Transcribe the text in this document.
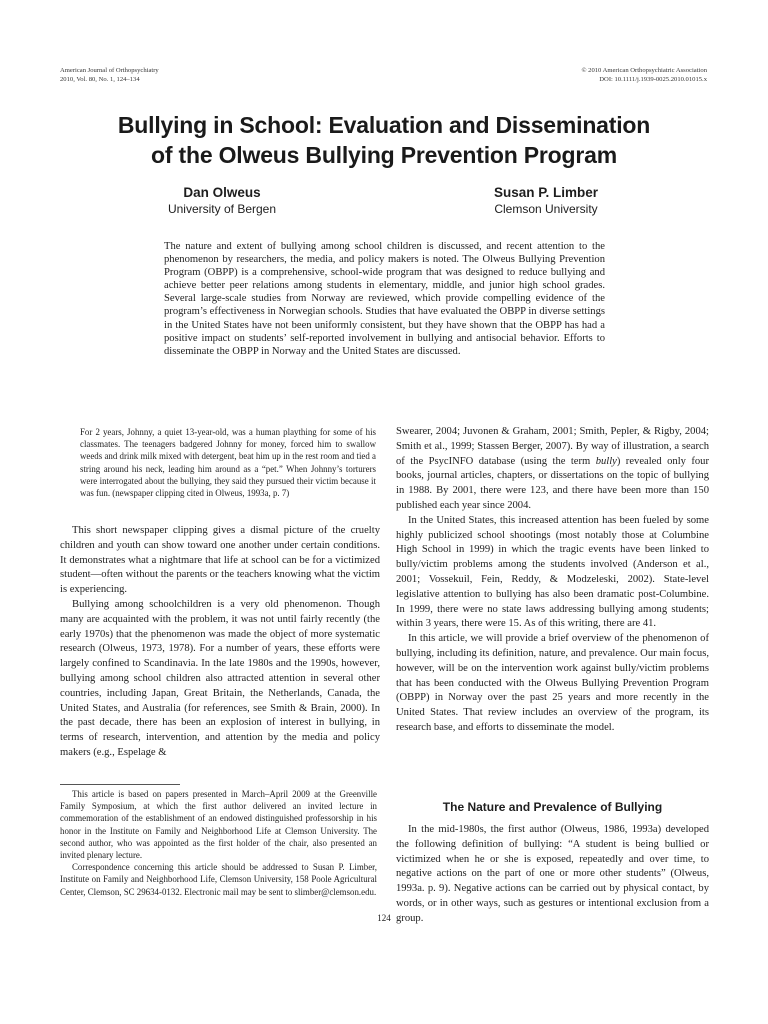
American Journal of Orthopsychiatry
2010, Vol. 80, No. 1, 124–134
© 2010 American Orthopsychiatric Association
DOI: 10.1111/j.1939-0025.2010.01015.x
Bullying in School: Evaluation and Dissemination
of the Olweus Bullying Prevention Program
Dan Olweus
University of Bergen
Susan P. Limber
Clemson University
The nature and extent of bullying among school children is discussed, and recent attention to the phenomenon by researchers, the media, and policy makers is noted. The Olweus Bullying Prevention Program (OBPP) is a comprehensive, school-wide program that was designed to reduce bullying and achieve better peer relations among students in elementary, middle, and junior high school grades. Several large-scale studies from Norway are reviewed, which provide compelling evidence of the program’s effectiveness in Norwegian schools. Studies that have evaluated the OBPP in diverse settings in the United States have not been uniformly consistent, but they have shown that the OBPP has had a positive impact on students’ self-reported involvement in bullying and antisocial behavior. Efforts to disseminate the OBPP in Norway and the United States are discussed.

For 2 years, Johnny, a quiet 13-year-old, was a human plaything for some of his classmates. The teenagers badgered Johnny for money, forced him to swallow weeds and drink milk mixed with detergent, beat him up in the rest room and tied a string around his neck, leading him around as a “pet.” When Johnny’s torturers were interrogated about the bullying, they said they pursued their victim because it was fun. (newspaper clipping cited in Olweus, 1993a, p. 7)

This short newspaper clipping gives a dismal picture of the cruelty children and youth can show toward one another under certain conditions. It demonstrates what a nightmare that life at school can be for a victimized student—often without the parents or the teachers knowing what the victim is experiencing.

Bullying among schoolchildren is a very old phenomenon. Though many are acquainted with the problem, it was not until fairly recently (the early 1970s) that the phenomenon was made the object of more systematic research (Olweus, 1973, 1978). For a number of years, these efforts were largely confined to Scandinavia. In the late 1980s and the 1990s, however, bullying among school children also attracted attention in several other countries, including Japan, Great Britain, the Netherlands, Canada, the United States, and Australia (for references, see Smith & Brain, 2000). In the past decade, there has been an explosion of interest in bullying, in terms of research, intervention, and attention by the media and policy makers (e.g., Espelage &

This article is based on papers presented in March–April 2009 at the Greenville Family Symposium, at which the first author delivered an invited lecture in commemoration of the establishment of an endowed distinguished professorship in his honor in the Institute on Family and Neighborhood Life at Clemson University. The second author, who was appointed as the first holder of the chair, also presented an invited plenary lecture.

Correspondence concerning this article should be addressed to Susan P. Limber, Institute on Family and Neighborhood Life, Clemson University, 158 Poole Agricultural Center, Clemson, SC 29634-0132. Electronic mail may be sent to slimber@clemson.edu.

Swearer, 2004; Juvonen & Graham, 2001; Smith, Pepler, & Rigby, 2004; Smith et al., 1999; Stassen Berger, 2007). By way of illustration, a search of the PsycINFO database (using the term bully) revealed only four books, journal articles, chapters, or dissertations on the topic of bullying in 1988. By 2001, there were 123, and there have been more than 150 published each year since 2004.

In the United States, this increased attention has been fueled by some highly publicized school shootings (most notably those at Columbine High School in 1999) in which the tragic events have been linked to bully/victim problems among the students involved (Anderson et al., 2001; Vossekuil, Fein, Reddy, & Modzeleski, 2002). State-level legislative attention to bullying has also been dramatic post-Columbine. In 1999, there were no state laws addressing bullying among students; within 3 years, there were 15. As of this writing, there are 41.

In this article, we will provide a brief overview of the phenomenon of bullying, including its definition, nature, and prevalence. Our main focus, however, will be on the intervention work against bully/victim problems that has been conducted with the Olweus Bullying Prevention Program (OBPP) in Norway over the past 25 years and more recently in the United States. That review includes an overview of the program, its research base, and efforts to disseminate the model.

The Nature and Prevalence of Bullying

In the mid-1980s, the first author (Olweus, 1986, 1993a) developed the following definition of bullying: “A student is being bullied or victimized when he or she is exposed, repeatedly and over time, to negative actions on the part of one or more other students” (Olweus, 1993a. p. 9). Negative actions can be carried out by physical contact, by words, or in other ways, such as gestures or intentional exclusion from a group.

124
